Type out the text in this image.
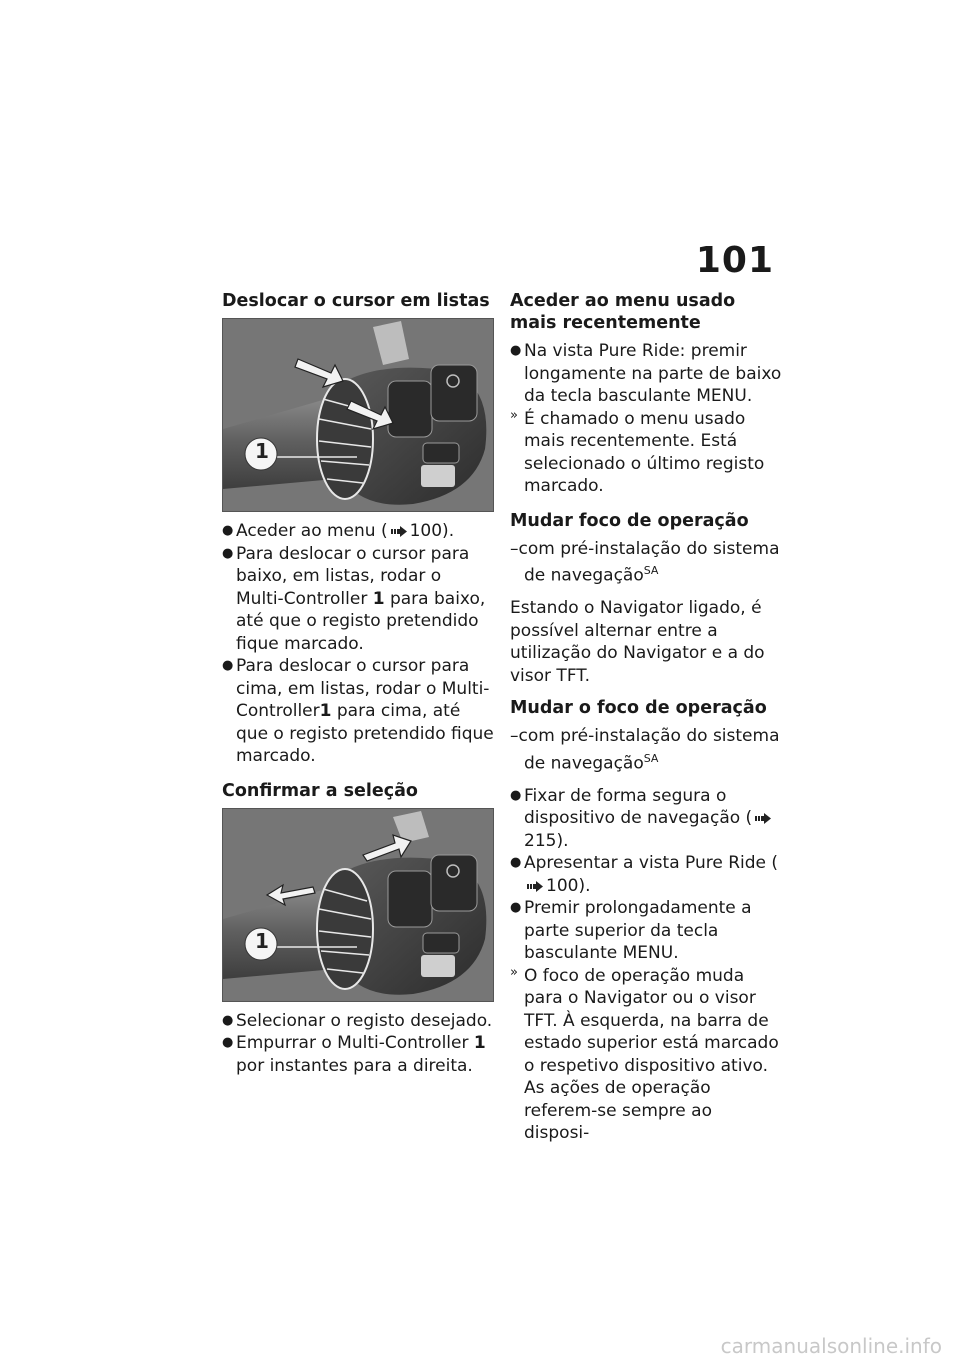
101
Deslocar o cursor em listas
1
● Aceder ao menu ( 100).
● Para deslocar o cursor para baixo, em listas, rodar o Multi-Controller 1 para baixo, até que o registo pretendido fique marcado.
● Para deslocar o cursor para cima, em listas, rodar o Multi-Controller1 para cima, até que o registo pretendido fique marcado.
Confirmar a seleção
1
● Selecionar o registo desejado.
● Empurrar o Multi-Controller 1 por instantes para a direita.
Aceder ao menu usado mais recentemente
● Na vista Pure Ride: premir longamente na parte de baixo da tecla basculante MENU.
» É chamado o menu usado mais recentemente. Está selecionado o último registo marcado.
Mudar foco de operação
–com pré-instalação do sistema de navegação$^{SA}$
Estando o Navigator ligado, é possível alternar entre a utilização do Navigator e a do visor TFT.
Mudar o foco de operação
–com pré-instalação do sistema de navegação$^{SA}$
● Fixar de forma segura o dispositivo de navegação (215).
● Apresentar a vista Pure Ride (100).
● Premir prolongadamente a parte superior da tecla basculante MENU.
» O foco de operação muda para o Navigator ou o visor TFT. À esquerda, na barra de estado superior está marcado o respetivo dispositivo ativo. As ações de operação referem-se sempre ao disposi-
carmanualsonline.info
